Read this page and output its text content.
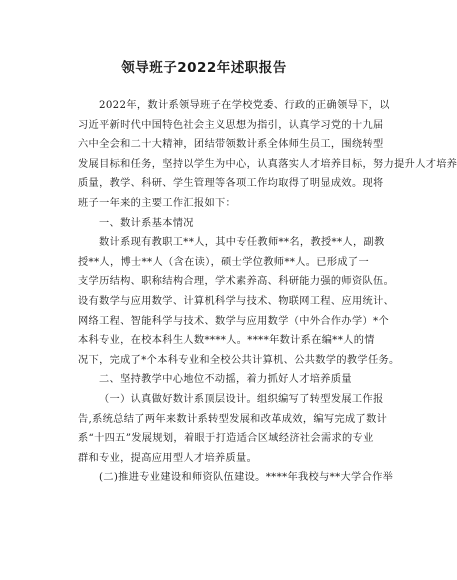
领导班子2022年述职报告
2022年，数计系领导班子在学校党委、行政的正确领导下，以
习近平新时代中国特色社会主义思想为指引，认真学习党的十九届
六中全会和二十大精神，团结带领数计系全体师生员工，围绕转型
发展目标和任务，坚持以学生为中心，认真落实人才培养目标，努力提升人才培养
质量，教学、科研、学生管理等各项工作均取得了明显成效。现将
班子一年来的主要工作汇报如下：
一、数计系基本情况
数计系现有教职工**人，其中专任教师**名，教授**人，副教
授**人，博士**人（含在读），硕士学位教师**人。已形成了一
支学历结构、职称结构合理，学术素养高、科研能力强的师资队伍。
设有数学与应用数学、计算机科学与技术、物联网工程、应用统计、
网络工程、智能科学与技术、数学与应用数学（中外合作办学）*个
本科专业，在校本科生人数****人。****年数计系在编**人的情
况下，完成了*个本科专业和全校公共计算机、公共数学的教学任务。
二、坚持教学中心地位不动摇，着力抓好人才培养质量
（一）认真做好数计系顶层设计。组织编写了转型发展工作报
告,系统总结了两年来数计系转型发展和改革成效，编写完成了数计
系“十四五”发展规划，着眼于打造适合区域经济社会需求的专业
群和专业，提高应用型人才培养质量。
(二)推进专业建设和师资队伍建设。****年我校与**大学合作举
